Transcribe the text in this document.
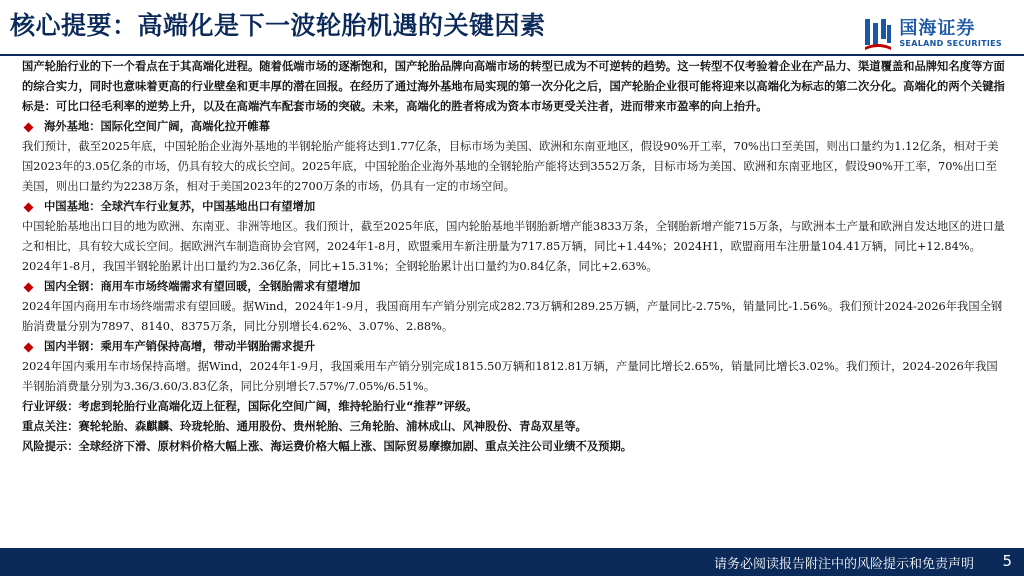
核心提要：高端化是下一波轮胎机遇的关键因素	国海证券
SEALAND SECURITIES

国产轮胎行业的下一个看点在于其高端化进程。随着低端市场的逐渐饱和，国产轮胎品牌向高端市场的转型已成为不可逆转的趋势。这一转型不仅考验着企业在产品力、渠道覆盖和品牌知名度等方面的综合实力，同时也意味着更高的行业壁垒和更丰厚的潜在回报。在经历了通过海外基地布局实现的第一次分化之后，国产轮胎企业很可能将迎来以高端化为标志的第二次分化。高端化的两个关键指标是：可比口径毛利率的逆势上升，以及在高端汽车配套市场的突破。未来，高端化的胜者将成为资本市场更受关注者，进而带来市盈率的向上抬升。

海外基地：国际化空间广阔，高端化拉开帷幕

我们预计，截至2025年底，中国轮胎企业海外基地的半钢轮胎产能将达到1.77亿条，目标市场为美国、欧洲和东南亚地区，假设90%开工率，70%出口至美国，则出口量约为1.12亿条，相对于美国2023年的3.05亿条的市场，仍具有较大的成长空间。2025年底，中国轮胎企业海外基地的全钢轮胎产能将达到3552万条，目标市场为美国、欧洲和东南亚地区，假设90%开工率，70%出口至美国，则出口量约为2238万条，相对于美国2023年的2700万条的市场，仍具有一定的市场空间。

中国基地：全球汽车行业复苏，中国基地出口有望增加

中国轮胎基地出口目的地为欧洲、东南亚、非洲等地区。我们预计，截至2025年底，国内轮胎基地半钢胎新增产能3833万条，全钢胎新增产能715万条，与欧洲本土产量和欧洲自发达地区的进口量之和相比，具有较大成长空间。据欧洲汽车制造商协会官网，2024年1-8月，欧盟乘用车新注册量为717.85万辆，同比+1.44%；2024H1，欧盟商用车注册量104.41万辆，同比+12.84%。2024年1-8月，我国半钢轮胎累计出口量约为2.36亿条，同比+15.31%；全钢轮胎累计出口量约为0.84亿条，同比+2.63%。

国内全钢：商用车市场终端需求有望回暖，全钢胎需求有望增加

2024年国内商用车市场终端需求有望回暖。据Wind，2024年1-9月，我国商用车产销分别完成282.73万辆和289.25万辆，产量同比-2.75%，销量同比-1.56%。我们预计2024-2026年我国全钢胎消费量分别为7897、8140、8375万条，同比分别增长4.62%、3.07%、2.88%。

国内半钢：乘用车产销保持高增，带动半钢胎需求提升

2024年国内乘用车市场保持高增。据Wind，2024年1-9月，我国乘用车产销分别完成1815.50万辆和1812.81万辆，产量同比增长2.65%，销量同比增长3.02%。我们预计，2024-2026年我国半钢胎消费量分别为3.36/3.60/3.83亿条，同比分别增长7.57%/7.05%/6.51%。

行业评级：考虑到轮胎行业高端化迈上征程，国际化空间广阔，维持轮胎行业“推荐”评级。

重点关注：赛轮轮胎、森麒麟、玲珑轮胎、通用股份、贵州轮胎、三角轮胎、浦林成山、风神股份、青岛双星等。

风险提示：全球经济下滑、原材料价格大幅上涨、海运费价格大幅上涨、国际贸易摩擦加剧、重点关注公司业绩不及预期。

请务必阅读报告附注中的风险提示和免责声明 5
